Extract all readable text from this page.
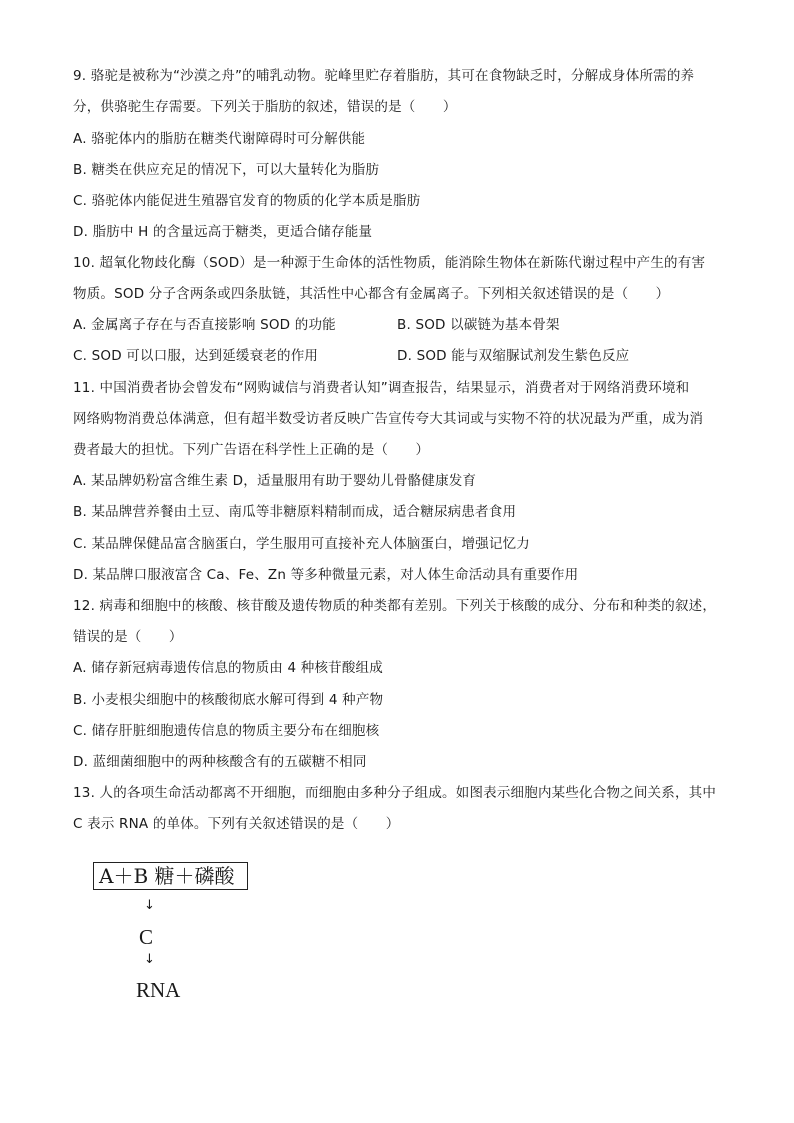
9. 骆驼是被称为“沙漠之舟”的哺乳动物。驼峰里贮存着脂肪，其可在食物缺乏时，分解成身体所需的养
分，供骆驼生存需要。下列关于脂肪的叙述，错误的是（　　）
A. 骆驼体内的脂肪在糖类代谢障碍时可分解供能
B. 糖类在供应充足的情况下，可以大量转化为脂肪
C. 骆驼体内能促进生殖器官发育的物质的化学本质是脂肪
D. 脂肪中 H 的含量远高于糖类，更适合储存能量
10. 超氧化物歧化酶（SOD）是一种源于生命体的活性物质，能消除生物体在新陈代谢过程中产生的有害
物质。SOD 分子含两条或四条肽链，其活性中心都含有金属离子。下列相关叙述错误的是（　　）
A. 金属离子存在与否直接影响 SOD 的功能	B. SOD 以碳链为基本骨架
C. SOD 可以口服，达到延缓衰老的作用	D. SOD 能与双缩脲试剂发生紫色反应
11. 中国消费者协会曾发布“网购诚信与消费者认知”调查报告，结果显示，消费者对于网络消费环境和
网络购物消费总体满意，但有超半数受访者反映广告宣传夸大其词或与实物不符的状况最为严重，成为消
费者最大的担忧。下列广告语在科学性上正确的是（　　）
A. 某品牌奶粉富含维生素 D，适量服用有助于婴幼儿骨骼健康发育
B. 某品牌营养餐由土豆、南瓜等非糖原料精制而成，适合糖尿病患者食用
C. 某品牌保健品富含脑蛋白，学生服用可直接补充人体脑蛋白，增强记忆力
D. 某品牌口服液富含 Ca、Fe、Zn 等多种微量元素，对人体生命活动具有重要作用
12. 病毒和细胞中的核酸、核苷酸及遗传物质的种类都有差别。下列关于核酸的成分、分布和种类的叙述，
错误的是（　　）
A. 储存新冠病毒遗传信息的物质由 4 种核苷酸组成
B. 小麦根尖细胞中的核酸彻底水解可得到 4 种产物
C. 储存肝脏细胞遗传信息的物质主要分布在细胞核
D. 蓝细菌细胞中的两种核酸含有的五碳糖不相同
13. 人的各项生命活动都离不开细胞，而细胞由多种分子组成。如图表示细胞内某些化合物之间关系，其中
C 表示 RNA 的单体。下列有关叙述错误的是（　　）
A＋B 糖＋磷酸
↓
C
↓
RNA
